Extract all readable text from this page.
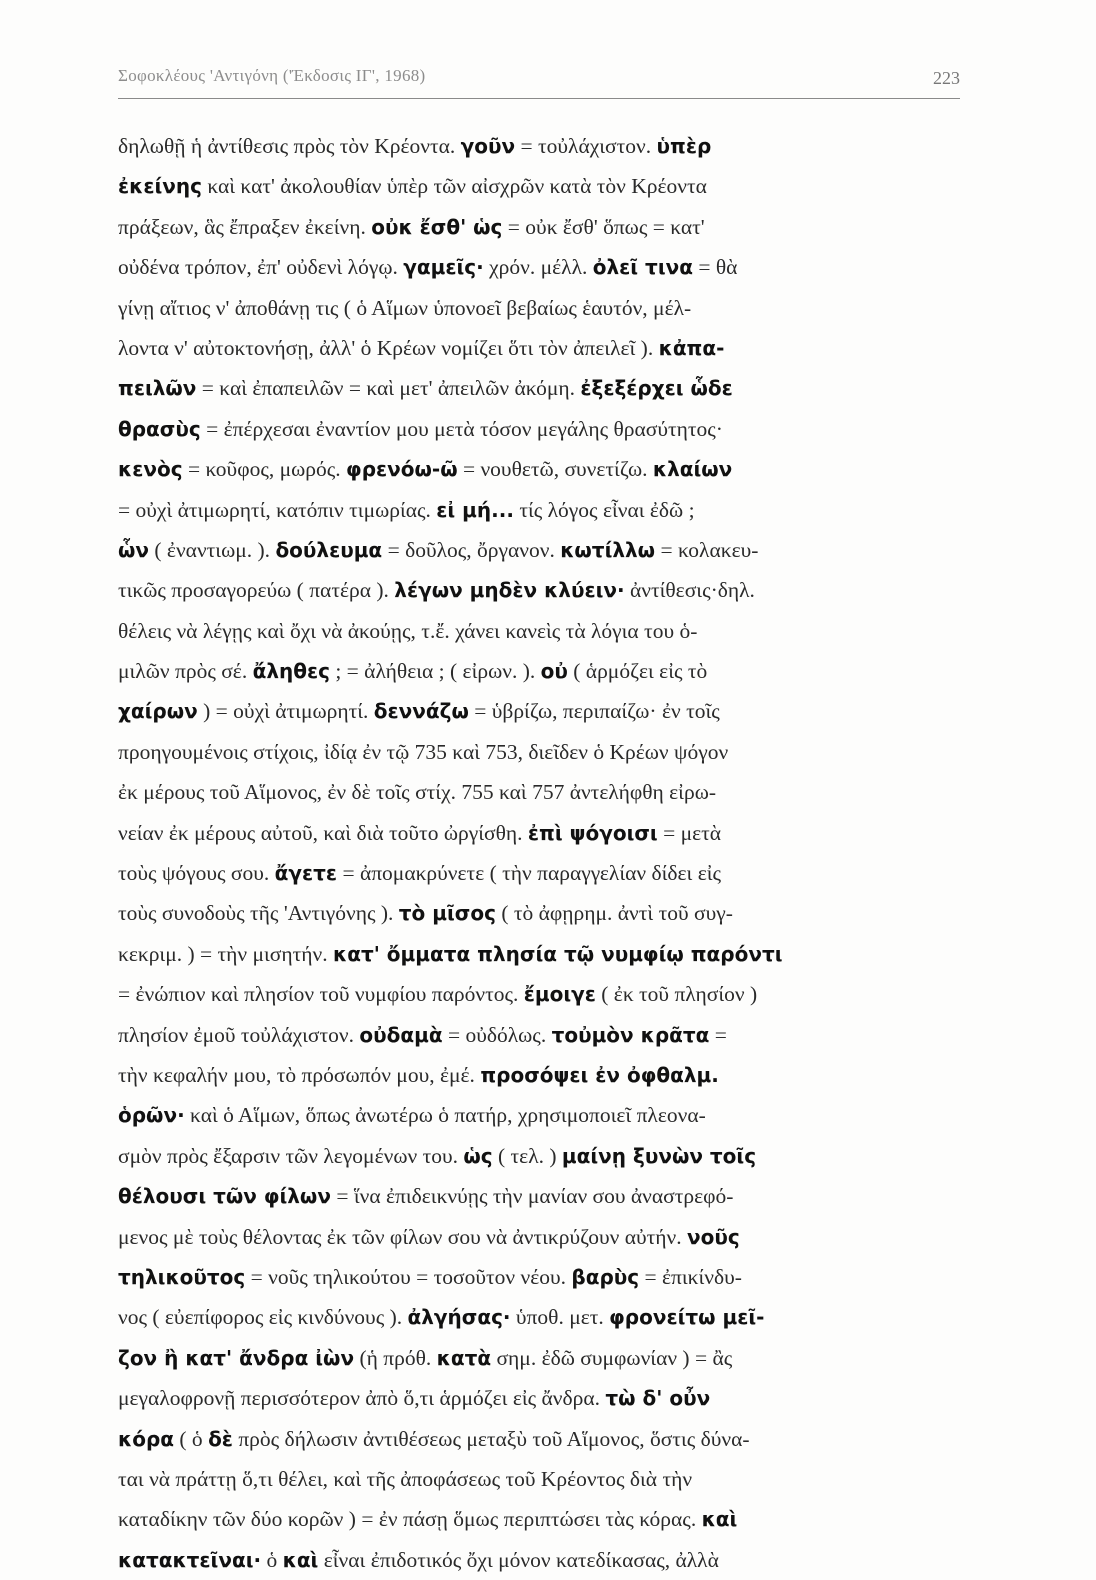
Σοφοκλέους 'Αντιγόνη ('Έκδοσις ΙΓ', 1968)	223
δηλωθῇ ἡ ἀντίθεσις πρὸς τὸν Κρέοντα. γοῦν = τοὐλάχιστον. ὑπὲρ
ἐκείνης καὶ κατ' ἀκολουθίαν ὑπὲρ τῶν αἰσχρῶν κατὰ τὸν Κρέοντα
πράξεων, ἃς ἔπραξεν ἐκείνη. οὐκ ἔσθ' ὡς = οὐκ ἔσθ' ὅπως = κατ'
οὐδένα τρόπον, ἐπ' οὐδενὶ λόγῳ. γαμεῖς· χρόν. μέλλ. ὀλεῖ τινα = θὰ
γίνῃ αἴτιος ν' ἀποθάνῃ τις ( ὁ Αἵμων ὑπονοεῖ βεβαίως ἑαυτόν, μέλ-
λοντα ν' αὐτοκτονήσῃ, ἀλλ' ὁ Κρέων νομίζει ὅτι τὸν ἀπειλεῖ ). κἀπα-
πειλῶν = καὶ ἐπαπειλῶν = καὶ μετ' ἀπειλῶν ἀκόμη. ἐξεξέρχει ὧδε
θρασὺς = ἐπέρχεσαι ἐναντίον μου μετὰ τόσον μεγάλης θρασύτητος·
κενὸς = κοῦφος, μωρός. φρενόω-ῶ = νουθετῶ, συνετίζω. κλαίων
= οὐχὶ ἀτιμωρητί, κατόπιν τιμωρίας. εἰ μή... τίς λόγος εἶναι ἐδῶ ;
ὧν ( ἐναντιωμ. ). δούλευμα = δοῦλος, ὄργανον. κωτίλλω = κολακευ-
τικῶς προσαγορεύω ( πατέρα ). λέγων μηδὲν κλύειν· ἀντίθεσις·δηλ.
θέλεις νὰ λέγῃς καὶ ὄχι νὰ ἀκούῃς, τ.ἔ. χάνει κανεὶς τὰ λόγια του ὁ-
μιλῶν πρὸς σέ. ἄληθες ; = ἀλήθεια ; ( εἰρων. ). οὐ ( ἁρμόζει εἰς τὸ
χαίρων ) = οὐχὶ ἀτιμωρητί. δεννάζω = ὑβρίζω, περιπαίζω· ἐν τοῖς
προηγουμένοις στίχοις, ἰδίᾳ ἐν τῷ 735 καὶ 753, διεῖδεν ὁ Κρέων ψόγον
ἐκ μέρους τοῦ Αἵμονος, ἐν δὲ τοῖς στίχ. 755 καὶ 757 ἀντελήφθη εἰρω-
νείαν ἐκ μέρους αὐτοῦ, καὶ διὰ τοῦτο ὠργίσθη. ἐπὶ ψόγοισι = μετὰ
τοὺς ψόγους σου. ἄγετε = ἀπομακρύνετε ( τὴν παραγγελίαν δίδει εἰς
τοὺς συνοδοὺς τῆς 'Αντιγόνης ). τὸ μῖσος ( τὸ ἀφῃρημ. ἀντὶ τοῦ συγ-
κεκριμ. ) = τὴν μισητήν. κατ' ὄμματα πλησία τῷ νυμφίῳ παρόντι
= ἐνώπιον καὶ πλησίον τοῦ νυμφίου παρόντος. ἔμοιγε ( ἐκ τοῦ πλησίον )
πλησίον ἐμοῦ τοὐλάχιστον. οὐδαμὰ = οὐδόλως. τοὐμὸν κρᾶτα =
τὴν κεφαλήν μου, τὸ πρόσωπόν μου, ἐμέ. προσόψει ἐν ὀφθαλμ.
ὁρῶν· καὶ ὁ Αἵμων, ὅπως ἀνωτέρω ὁ πατήρ, χρησιμοποιεῖ πλεονα-
σμὸν πρὸς ἔξαρσιν τῶν λεγομένων του. ὡς ( τελ. ) μαίνῃ ξυνὼν τοῖς
θέλουσι τῶν φίλων = ἵνα ἐπιδεικνύῃς τὴν μανίαν σου ἀναστρεφό-
μενος μὲ τοὺς θέλοντας ἐκ τῶν φίλων σου νὰ ἀντικρύζουν αὐτήν. νοῦς
τηλικοῦτος = νοῦς τηλικούτου = τοσοῦτον νέου. βαρὺς = ἐπικίνδυ-
νος ( εὐεπίφορος εἰς κινδύνους ). ἀλγήσας· ὑποθ. μετ. φρονείτω μεῖ-
ζον ἢ κατ' ἄνδρα ἰὼν (ἡ πρόθ. κατὰ σημ. ἐδῶ συμφωνίαν ) = ἂς
μεγαλοφρονῇ περισσότερον ἀπὸ ὅ,τι ἁρμόζει εἰς ἄνδρα. τὼ δ' οὖν
κόρα ( ὁ δὲ πρὸς δήλωσιν ἀντιθέσεως μεταξὺ τοῦ Αἵμονος, ὅστις δύνα-
ται νὰ πράττῃ ὅ,τι θέλει, καὶ τῆς ἀποφάσεως τοῦ Κρέοντος διὰ τὴν
καταδίκην τῶν δύο κορῶν ) = ἐν πάσῃ ὅμως περιπτώσει τὰς κόρας. καὶ
κατακτεῖναι· ὁ καὶ εἶναι ἐπιδοτικός ὄχι μόνον κατεδίκασας, ἀλλὰ
